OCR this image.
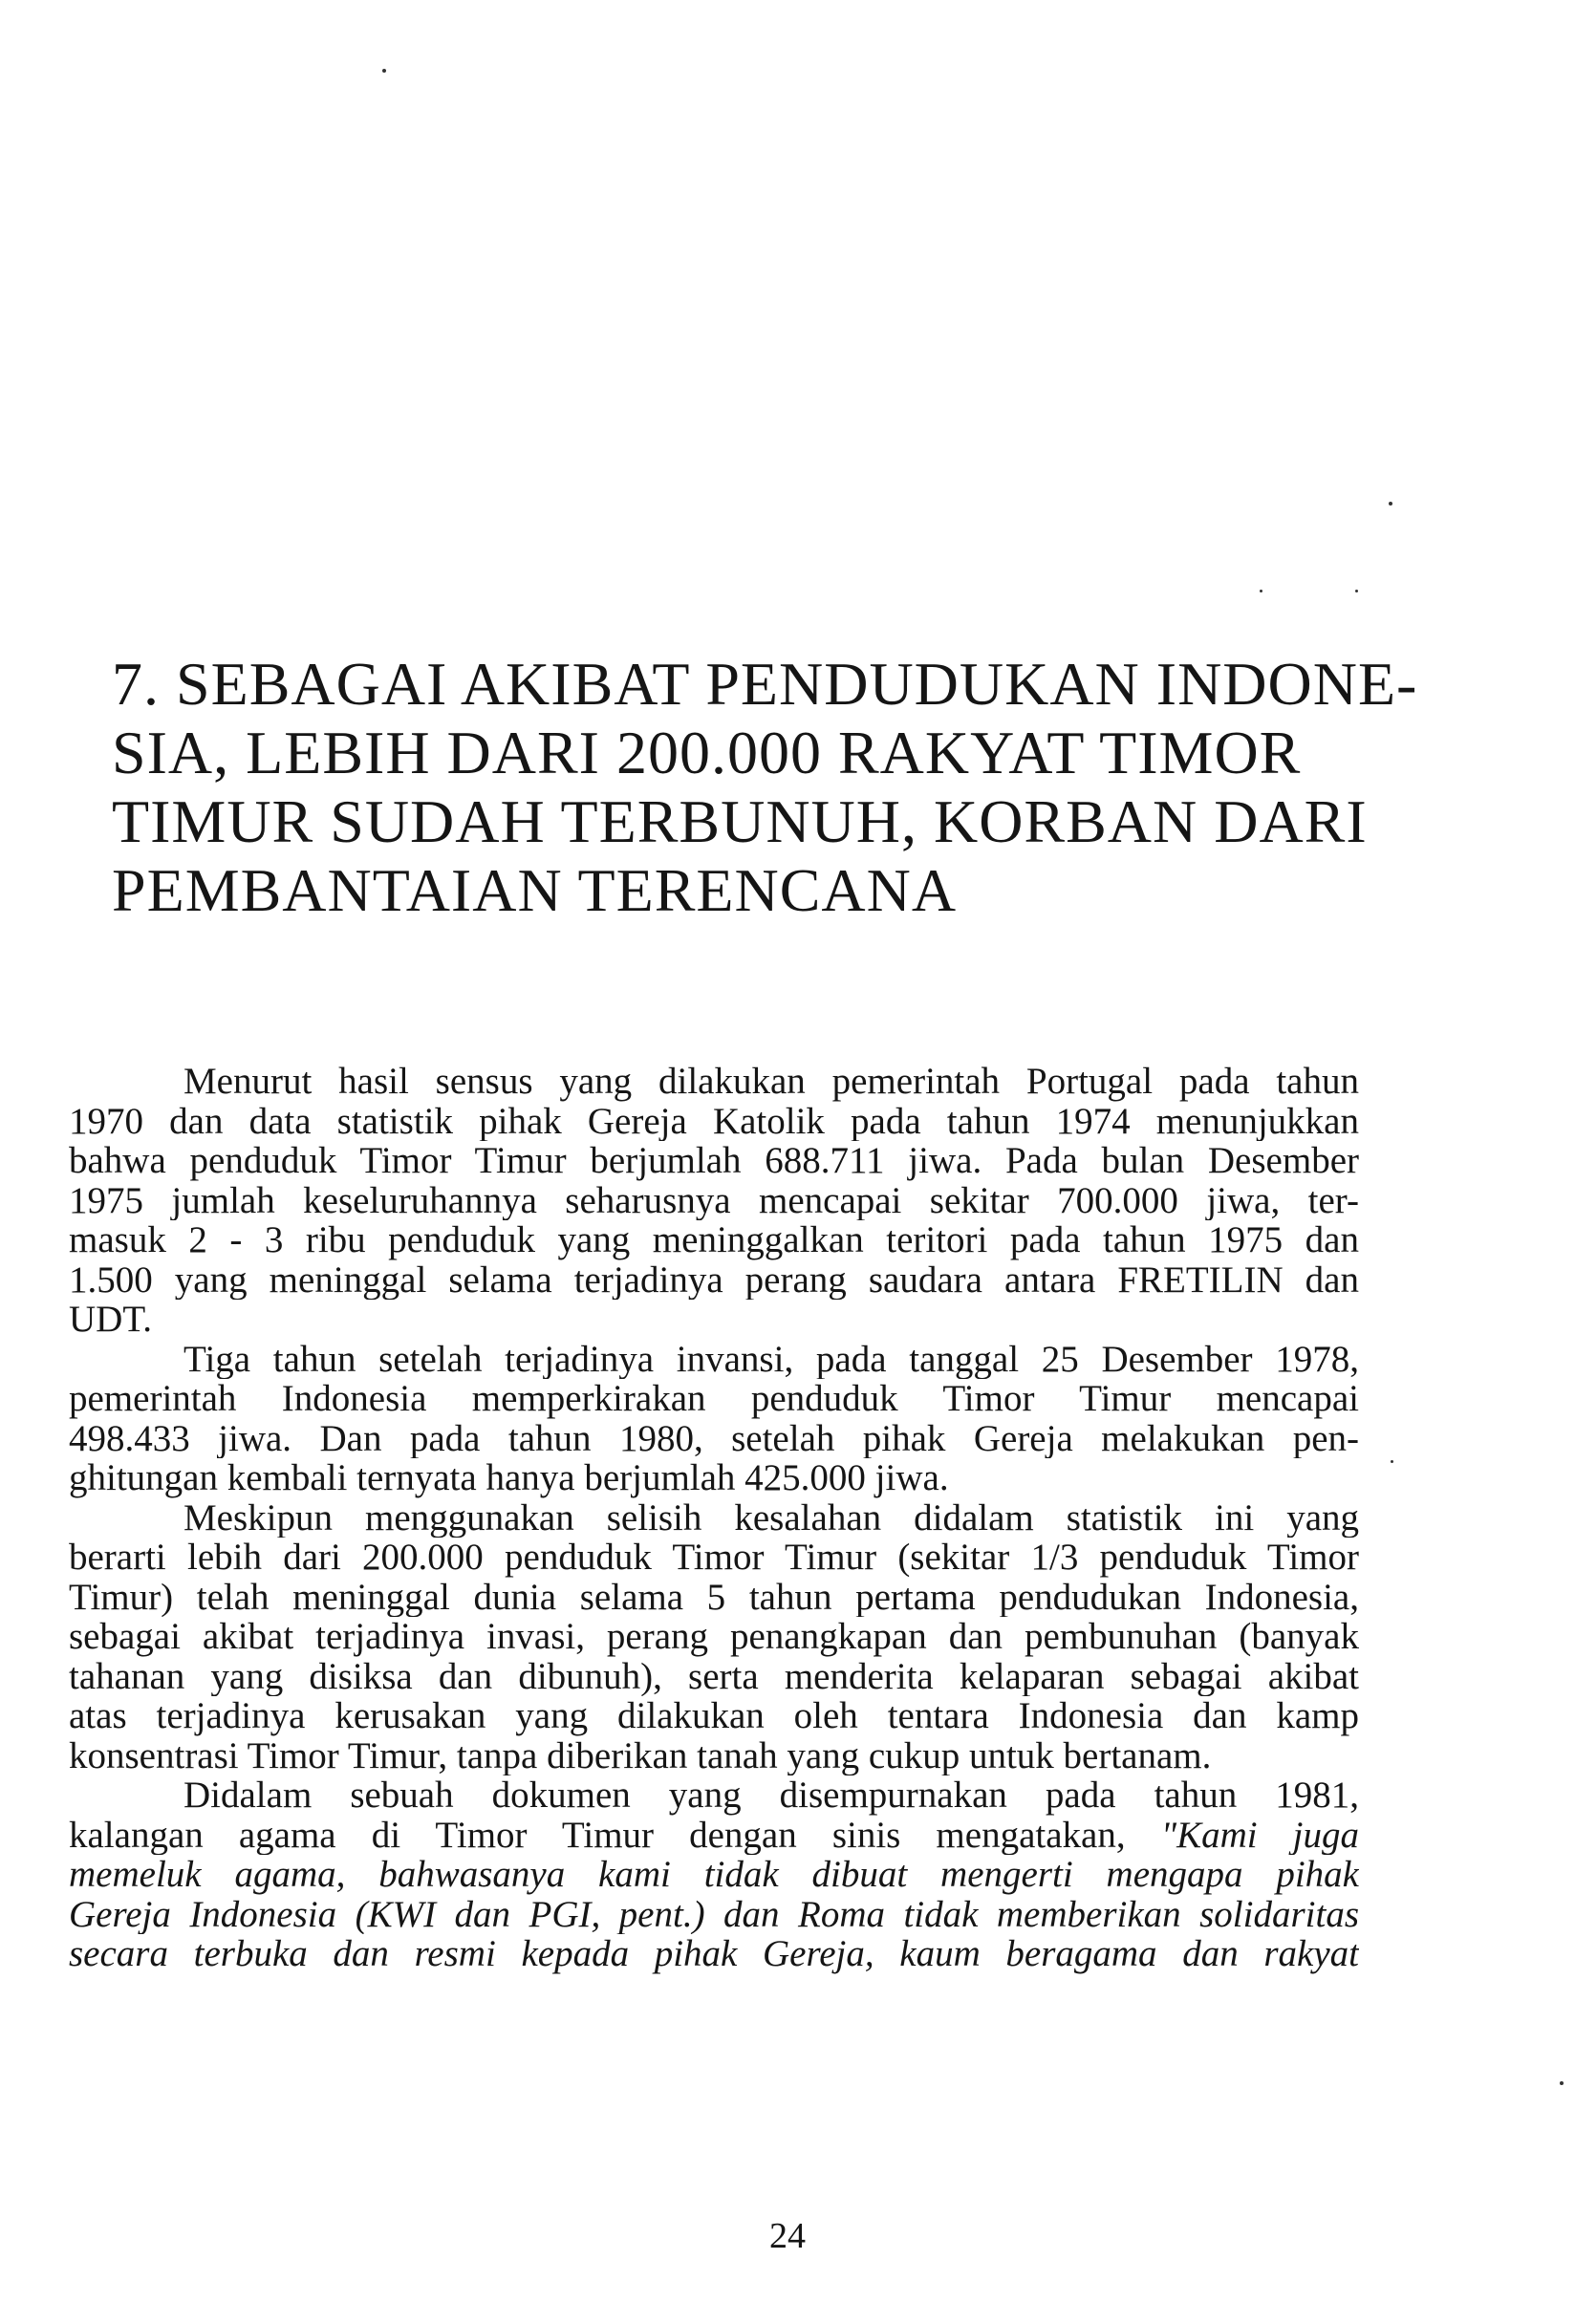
7. SEBAGAI AKIBAT PENDUDUKAN INDONE-
SIA, LEBIH DARI 200.000 RAKYAT TIMOR
TIMUR SUDAH TERBUNUH, KORBAN DARI
PEMBANTAIAN TERENCANA
Menurut hasil sensus yang dilakukan pemerintah Portugal pada tahun
1970 dan data statistik pihak Gereja Katolik pada tahun 1974 menunjukkan
bahwa penduduk Timor Timur berjumlah 688.711 jiwa. Pada bulan Desember
1975 jumlah keseluruhannya seharusnya mencapai sekitar 700.000 jiwa, ter-
masuk 2 - 3 ribu penduduk yang meninggalkan teritori pada tahun 1975 dan
1.500 yang meninggal selama terjadinya perang saudara antara FRETILIN dan
UDT.
Tiga tahun setelah terjadinya invansi, pada tanggal 25 Desember 1978,
pemerintah Indonesia memperkirakan penduduk Timor Timur mencapai
498.433 jiwa. Dan pada tahun 1980, setelah pihak Gereja melakukan pen-
ghitungan kembali ternyata hanya berjumlah 425.000 jiwa.
Meskipun menggunakan selisih kesalahan didalam statistik ini yang
berarti lebih dari 200.000 penduduk Timor Timur (sekitar 1/3 penduduk Timor
Timur) telah meninggal dunia selama 5 tahun pertama pendudukan Indonesia,
sebagai akibat terjadinya invasi, perang penangkapan dan pembunuhan (banyak
tahanan yang disiksa dan dibunuh), serta menderita kelaparan sebagai akibat
atas terjadinya kerusakan yang dilakukan oleh tentara Indonesia dan kamp
konsentrasi Timor Timur, tanpa diberikan tanah yang cukup untuk bertanam.
Didalam sebuah dokumen yang disempurnakan pada tahun 1981,
kalangan agama di Timor Timur dengan sinis mengatakan, "Kami juga
memeluk agama, bahwasanya kami tidak dibuat mengerti mengapa pihak
Gereja Indonesia (KWI dan PGI, pent.) dan Roma tidak memberikan solidaritas
secara terbuka dan resmi kepada pihak Gereja, kaum beragama dan rakyat
24
